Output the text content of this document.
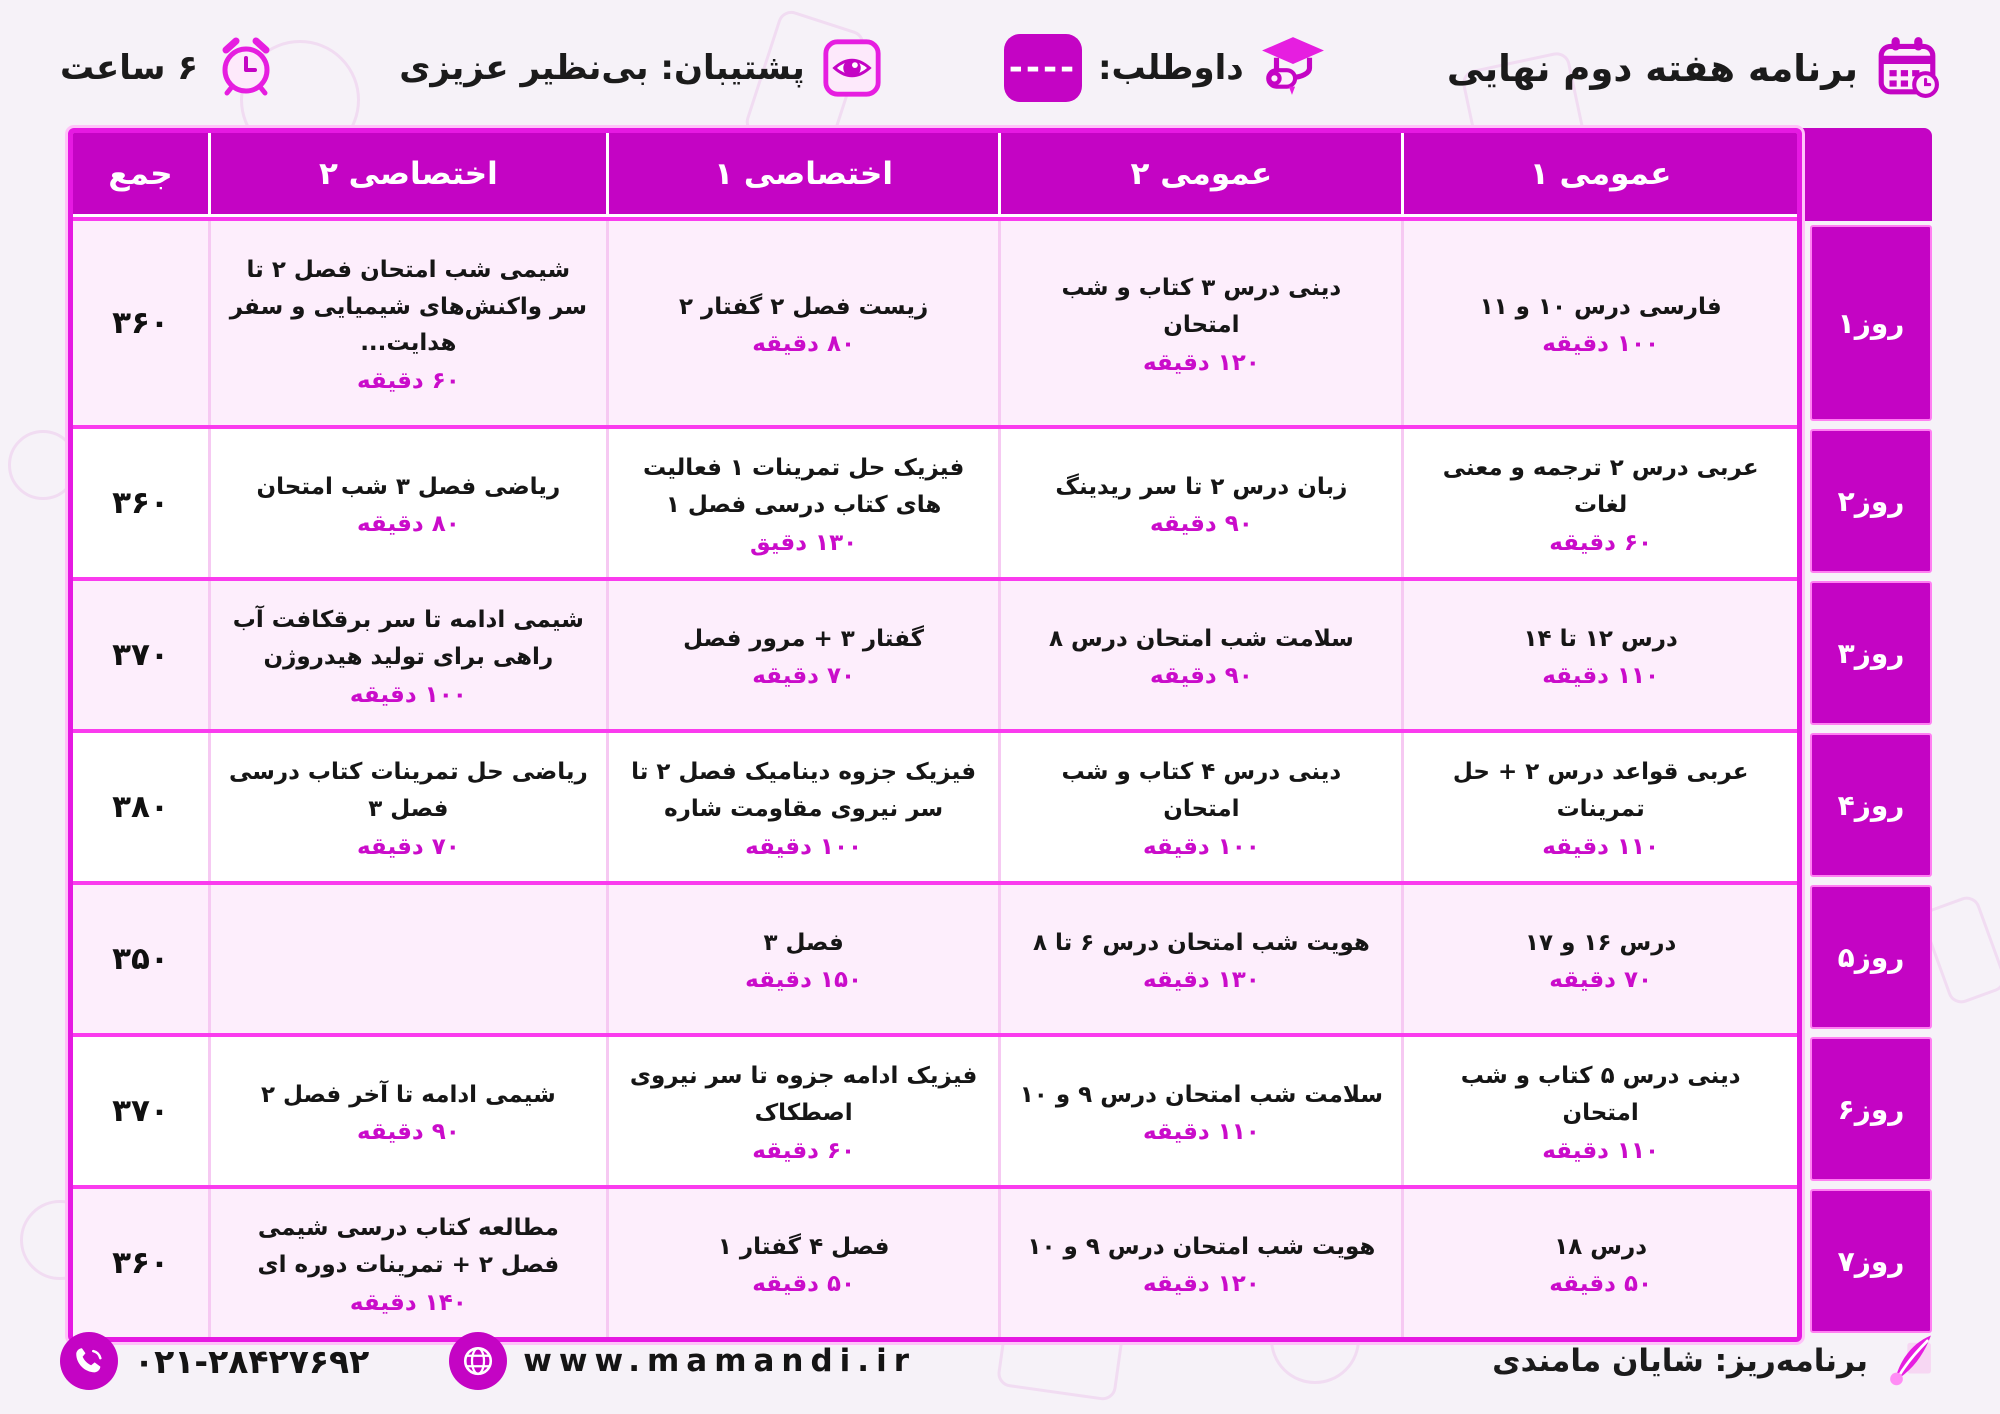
برنامه هفته دوم نهایی
داوطلب:
----
پشتیبان: بی‌نظیر عزیزی
۶ ساعت
روز۱
روز۲
روز۳
روز۴
روز۵
روز۶
روز۷
عمومی ۱
عمومی ۲
اختصاصی ۱
اختصاصی ۲
جمع
فارسی درس ۱۰ و ۱۱
۱۰۰ دقیقه
دینی درس ۳ کتاب و شب امتحان
۱۲۰ دقیقه
زیست فصل ۲ گفتار ۲
۸۰ دقیقه
شیمی شب امتحان فصل ۲ تا سر واکنش‌های شیمیایی و سفر هدایت...
۶۰ دقیقه
۳۶۰
عربی درس ۲ ترجمه و معنی لغات
۶۰ دقیقه
زبان درس ۲ تا سر ریدینگ
۹۰ دقیقه
فیزیک حل تمرینات ۱ فعالیت های کتاب درسی فصل ۱
۱۳۰ دقیق
ریاضی فصل ۳ شب امتحان
۸۰ دقیقه
۳۶۰
درس ۱۲ تا ۱۴
۱۱۰ دقیقه
سلامت شب امتحان درس ۸
۹۰ دقیقه
گفتار ۳ + مرور فصل
۷۰ دقیقه
شیمی ادامه تا سر برقکافت آب راهی برای تولید هیدروژن
۱۰۰ دقیقه
۳۷۰
عربی قواعد درس ۲ + حل تمرینات
۱۱۰ دقیقه
دینی درس ۴ کتاب و شب امتحان
۱۰۰ دقیقه
فیزیک جزوه دینامیک فصل ۲ تا سر نیروی مقاومت شاره
۱۰۰ دقیقه
ریاضی حل تمرینات کتاب درسی فصل ۳
۷۰ دقیقه
۳۸۰
درس ۱۶ و ۱۷
۷۰ دقیقه
هویت شب امتحان درس ۶ تا ۸
۱۳۰ دقیقه
فصل ۳
۱۵۰ دقیقه
۳۵۰
دینی درس ۵ کتاب و شب امتحان
۱۱۰ دقیقه
سلامت شب امتحان درس ۹ و ۱۰
۱۱۰ دقیقه
فیزیک ادامه جزوه تا سر نیروی اصطکاک
۶۰ دقیقه
شیمی ادامه تا آخر فصل ۲
۹۰ دقیقه
۳۷۰
درس ۱۸
۵۰ دقیقه
هویت شب امتحان درس ۹ و ۱۰
۱۲۰ دقیقه
فصل ۴ گفتار ۱
۵۰ دقیقه
مطالعه کتاب درسی شیمی فصل ۲ + تمرینات دوره ای
۱۴۰ دقیقه
۳۶۰
برنامه‌ریز: شایان مامندی
۰۲۱-۲۸۴۲۷۶۹۲	www.mamandi.ir
